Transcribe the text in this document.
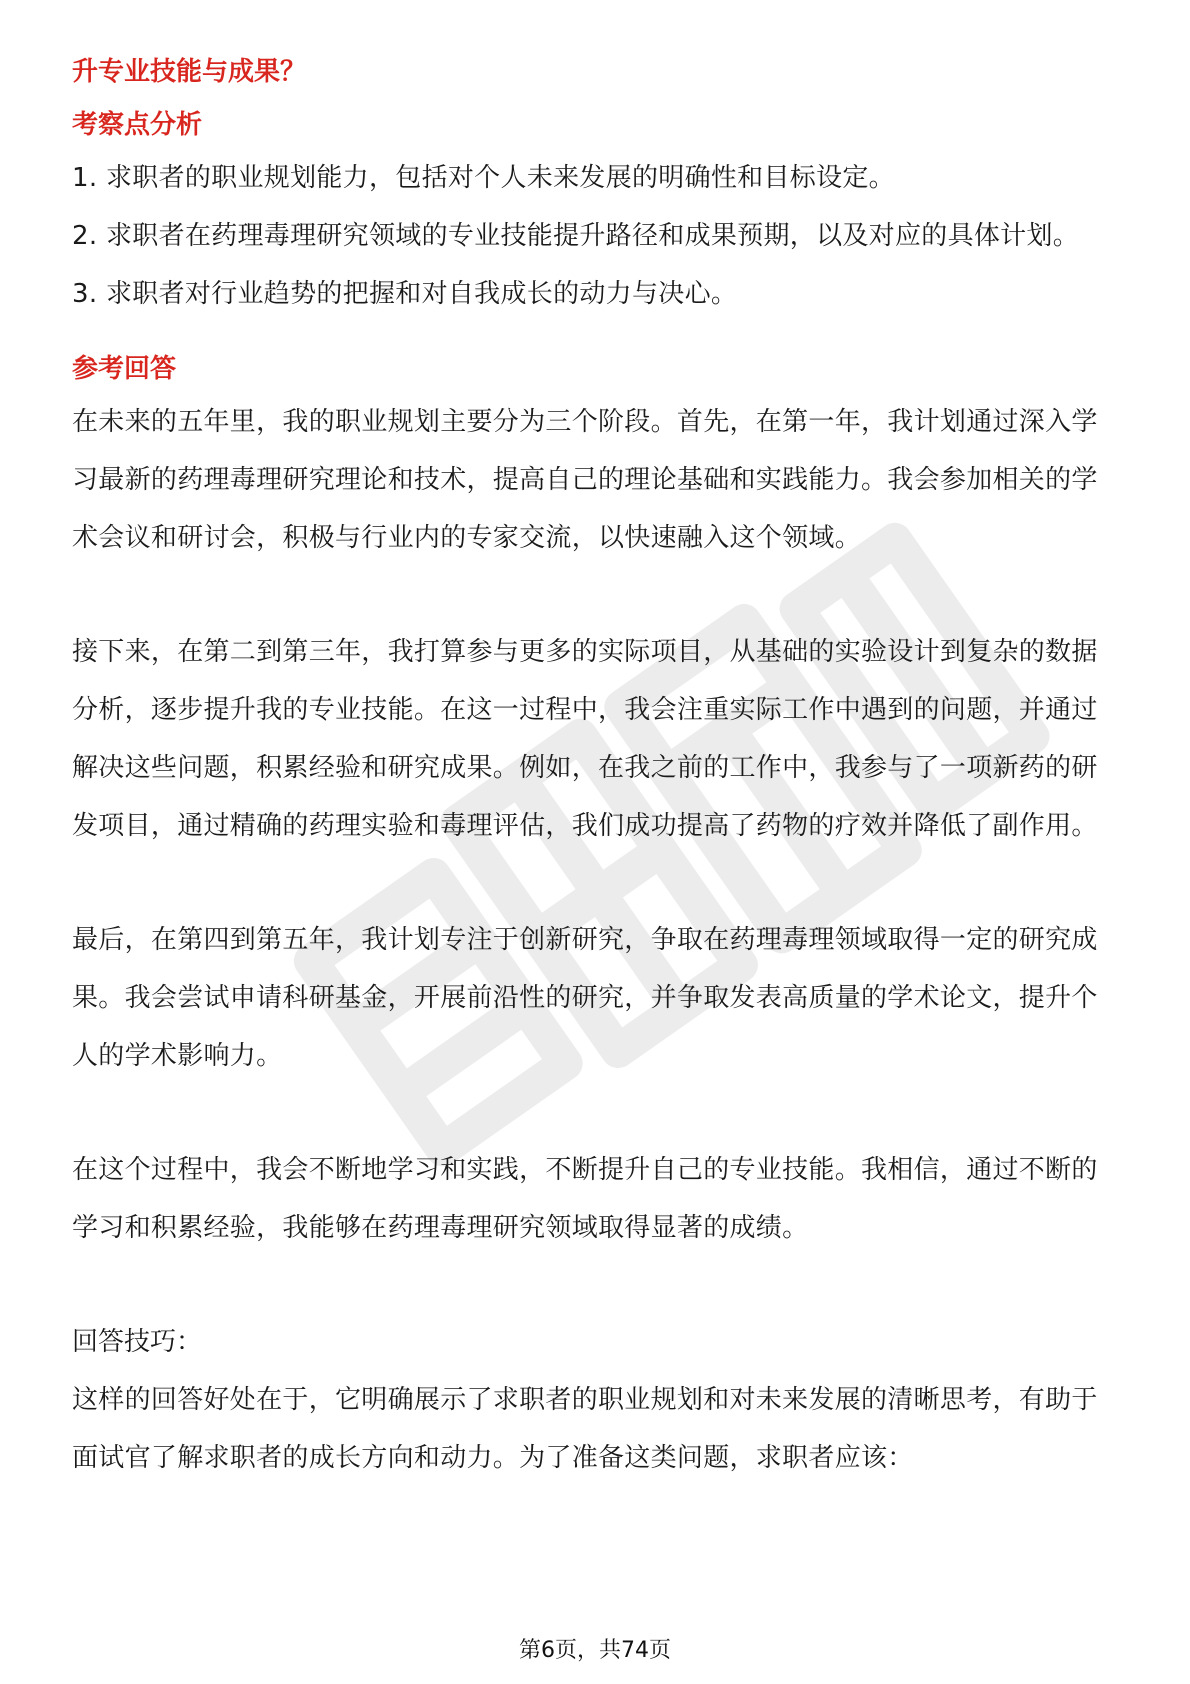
升专业技能与成果？

考察点分析

1. 求职者的职业规划能力，包括对个人未来发展的明确性和目标设定。

2. 求职者在药理毒理研究领域的专业技能提升路径和成果预期，以及对应的具体计划。

3. 求职者对行业趋势的把握和对自我成长的动力与决心。

参考回答

在未来的五年里，我的职业规划主要分为三个阶段。首先，在第一年，我计划通过深入学习最新的药理毒理研究理论和技术，提高自己的理论基础和实践能力。我会参加相关的学术会议和研讨会，积极与行业内的专家交流，以快速融入这个领域。

接下来，在第二到第三年，我打算参与更多的实际项目，从基础的实验设计到复杂的数据分析，逐步提升我的专业技能。在这一过程中，我会注重实际工作中遇到的问题，并通过解决这些问题，积累经验和研究成果。例如，在我之前的工作中，我参与了一项新药的研发项目，通过精确的药理实验和毒理评估，我们成功提高了药物的疗效并降低了副作用。

最后，在第四到第五年，我计划专注于创新研究，争取在药理毒理领域取得一定的研究成果。我会尝试申请科研基金，开展前沿性的研究，并争取发表高质量的学术论文，提升个人的学术影响力。

在这个过程中，我会不断地学习和实践，不断提升自己的专业技能。我相信，通过不断的学习和积累经验，我能够在药理毒理研究领域取得显著的成绩。

回答技巧：

这样的回答好处在于，它明确展示了求职者的职业规划和对未来发展的清晰思考，有助于面试官了解求职者的成长方向和动力。为了准备这类问题，求职者应该：

第6页，共74页
